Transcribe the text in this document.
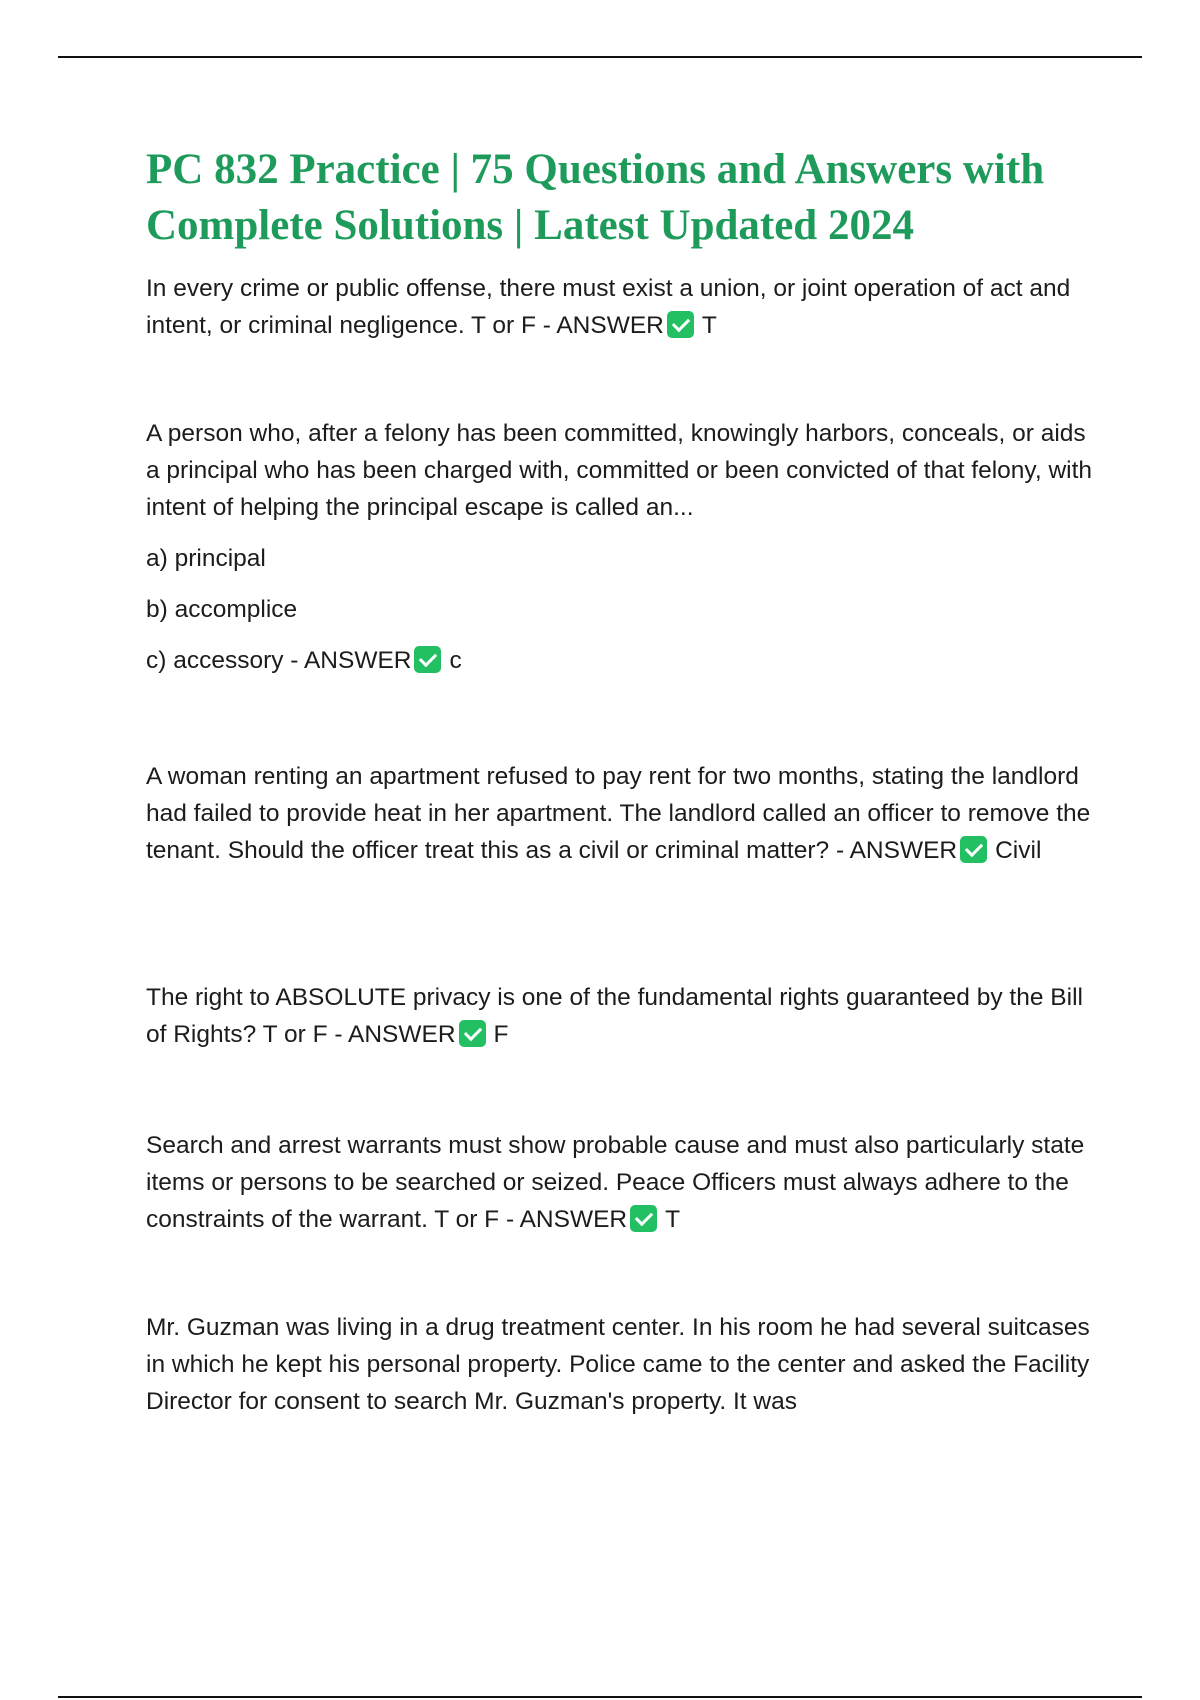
PC 832 Practice | 75 Questions and Answers with Complete Solutions | Latest Updated 2024

In every crime or public offense, there must exist a union, or joint operation of act and intent, or criminal negligence. T or F - ANSWER T

A person who, after a felony has been committed, knowingly harbors, conceals, or aids a principal who has been charged with, committed or been convicted of that felony, with intent of helping the principal escape is called an...

a) principal

b) accomplice

c) accessory - ANSWER c

A woman renting an apartment refused to pay rent for two months, stating the landlord had failed to provide heat in her apartment. The landlord called an officer to remove the tenant. Should the officer treat this as a civil or criminal matter? - ANSWER Civil

The right to ABSOLUTE privacy is one of the fundamental rights guaranteed by the Bill of Rights? T or F - ANSWER F

Search and arrest warrants must show probable cause and must also particularly state items or persons to be searched or seized. Peace Officers must always adhere to the constraints of the warrant. T or F - ANSWER T

Mr. Guzman was living in a drug treatment center. In his room he had several suitcases in which he kept his personal property. Police came to the center and asked the Facility Director for consent to search Mr. Guzman's property. It was
